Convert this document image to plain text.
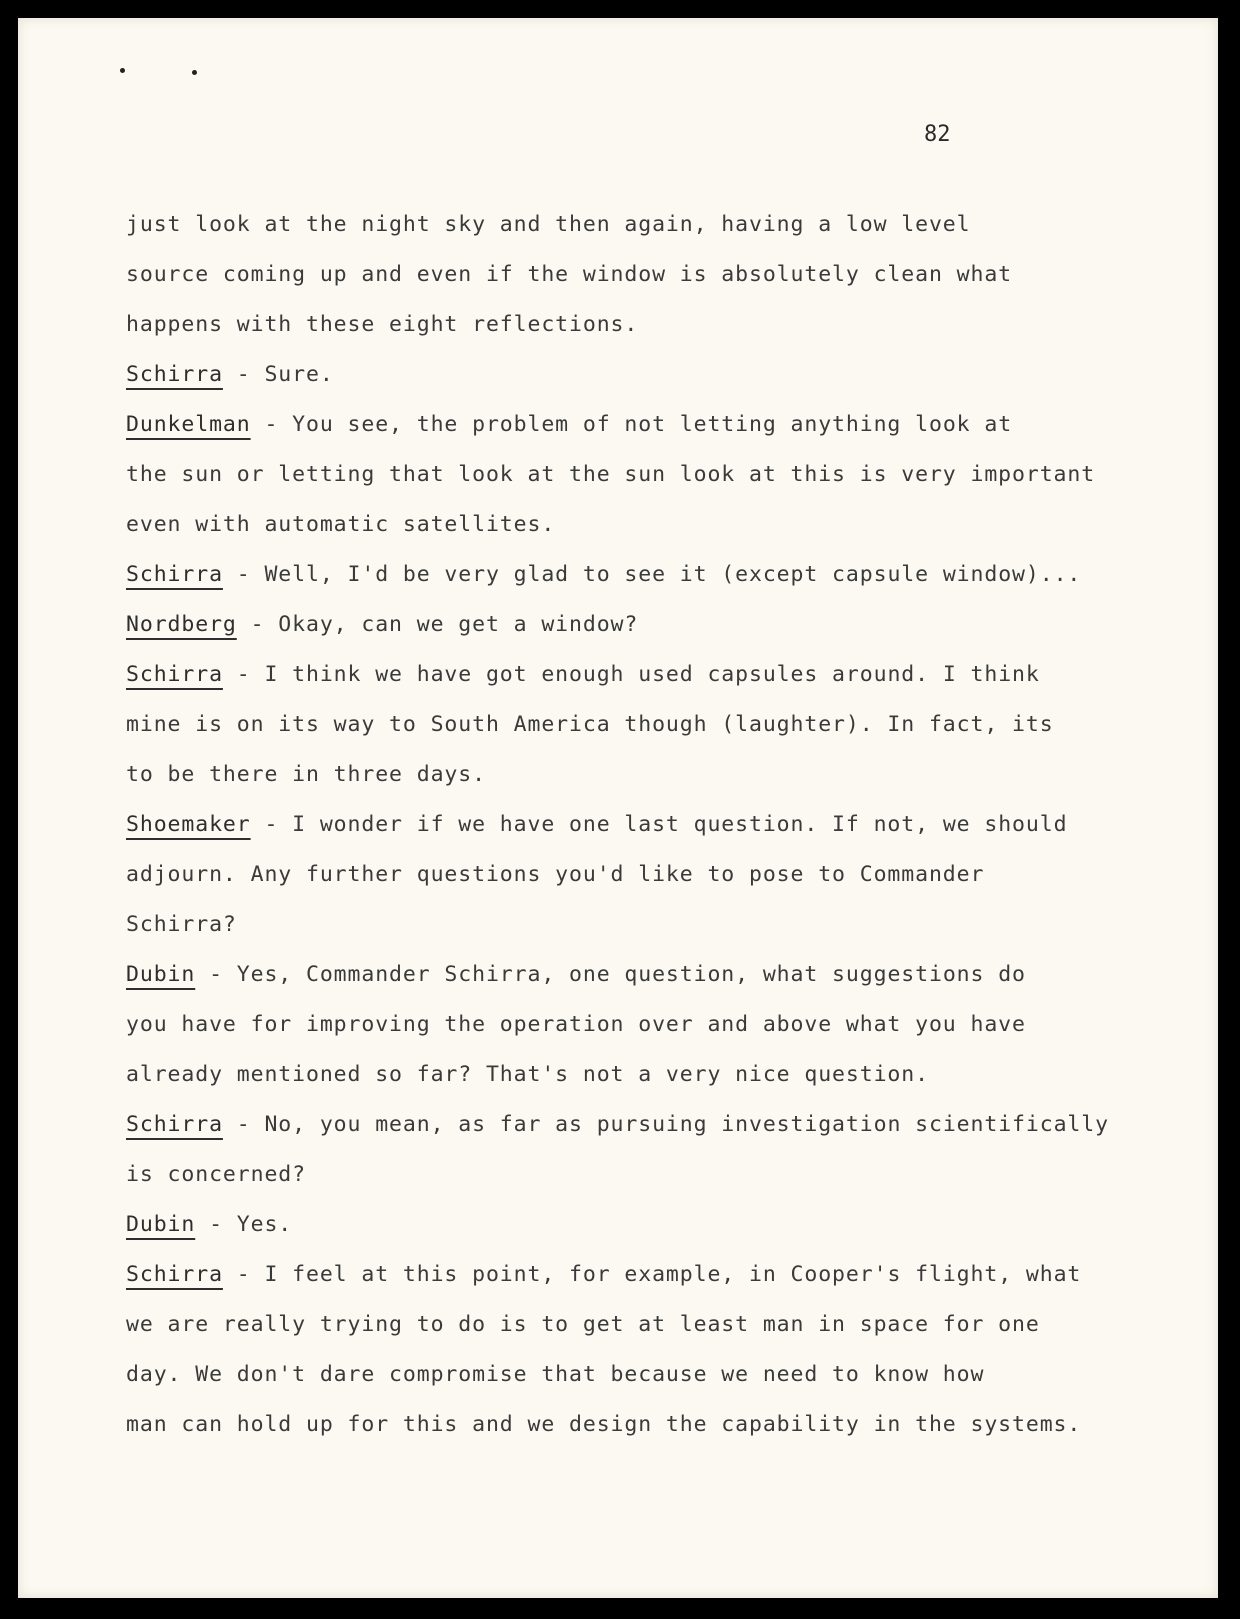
82
just look at the night sky and then again, having a low level
source coming up and even if the window is absolutely clean what
happens with these eight reflections.
Schirra - Sure.
Dunkelman - You see, the problem of not letting anything look at
the sun or letting that look at the sun look at this is very important
even with automatic satellites.
Schirra - Well, I'd be very glad to see it (except capsule window)...
Nordberg - Okay, can we get a window?
Schirra - I think we have got enough used capsules around. I think
mine is on its way to South America though (laughter). In fact, its
to be there in three days.
Shoemaker - I wonder if we have one last question. If not, we should
adjourn. Any further questions you'd like to pose to Commander
Schirra?
Dubin - Yes, Commander Schirra, one question, what suggestions do
you have for improving the operation over and above what you have
already mentioned so far? That's not a very nice question.
Schirra - No, you mean, as far as pursuing investigation scientifically
is concerned?
Dubin - Yes.
Schirra - I feel at this point, for example, in Cooper's flight, what
we are really trying to do is to get at least man in space for one
day. We don't dare compromise that because we need to know how
man can hold up for this and we design the capability in the systems.
